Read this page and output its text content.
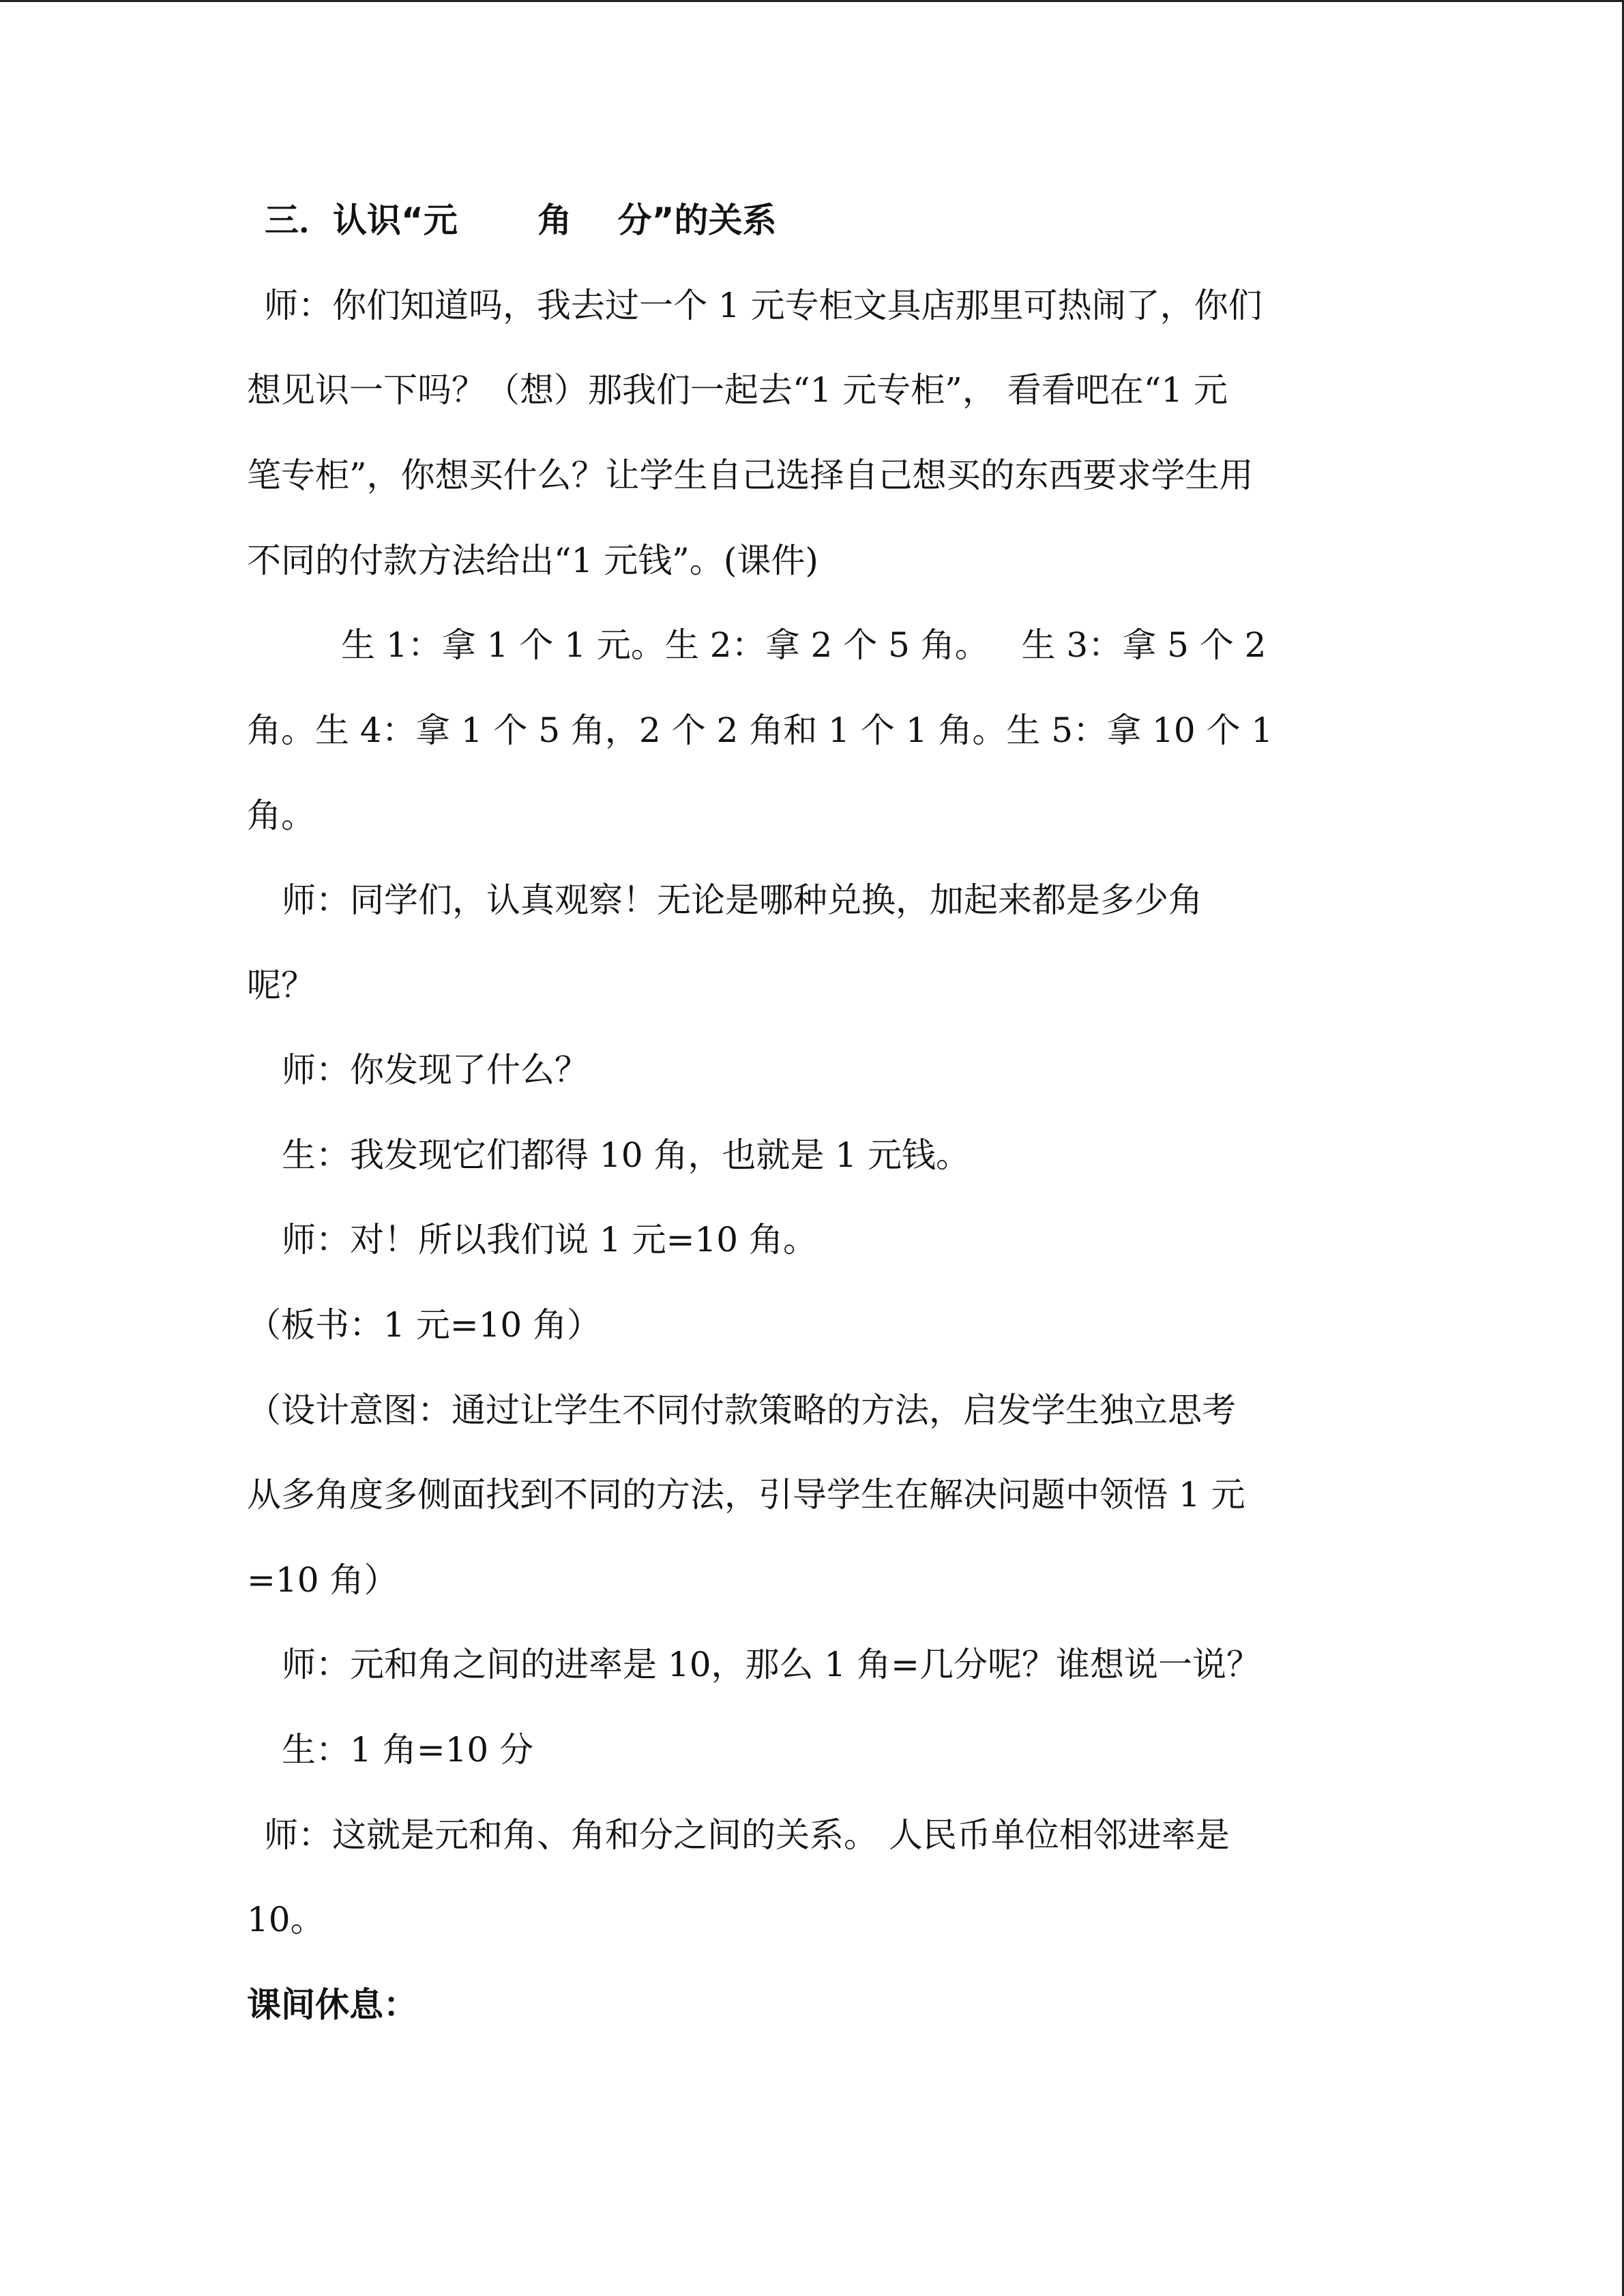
三．认识“元　 　角　 分”的关系
师：你们知道吗，我去过一个 1 元专柜文具店那里可热闹了，你们
想见识一下吗？（想）那我们一起去“1 元专柜”， 看看吧在“1 元
笔专柜”，你想买什么？让学生自己选择自己想买的东西要求学生用
不同的付款方法给出“1 元钱”。(课件)
生 1：拿 1 个 1 元。生 2：拿 2 个 5 角。   生 3：拿 5 个 2
角。生 4：拿 1 个 5 角，2 个 2 角和 1 个 1 角。生 5：拿 10 个 1
角。
师：同学们，认真观察！无论是哪种兑换，加起来都是多少角
呢？
师：你发现了什么？
生：我发现它们都得 10 角，也就是 1 元钱。
师：对！所以我们说 1 元=10 角。
（板书：1 元=10 角）
（设计意图：通过让学生不同付款策略的方法，启发学生独立思考
从多角度多侧面找到不同的方法，引导学生在解决问题中领悟 1 元
=10 角）
师：元和角之间的进率是 10，那么 1 角=几分呢？谁想说一说？
生：1 角=10 分
师：这就是元和角、角和分之间的关系。 人民币单位相邻进率是
10。
课间休息：
